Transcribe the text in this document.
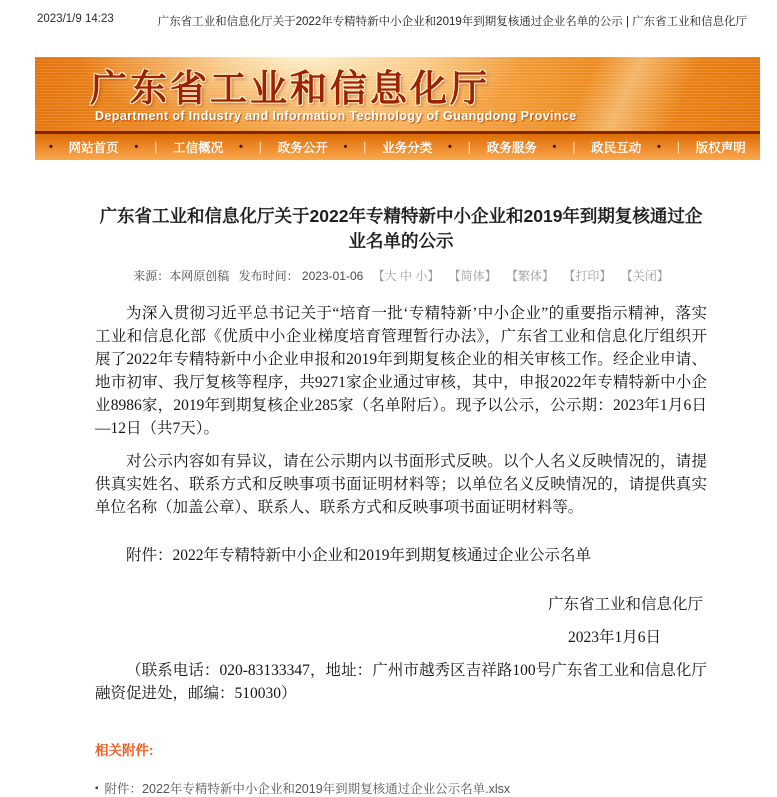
2023/1/9 14:23	广东省工业和信息化厅关于2022年专精特新中小企业和2019年到期复核通过企业名单的公示 | 广东省工业和信息化厅
广东省工业和信息化厅
Department of Industry and Information Technology of Guangdong Province
• 网站首页 • | 工信概况 • | 政务公开 • | 业务分类 • | 政务服务 • | 政民互动 • | 版权声明
广东省工业和信息化厅关于2022年专精特新中小企业和2019年到期复核通过企业名单的公示
来源：本网原创稿 发布时间： 2023-01-06 【大 中 小】 【简体】 【繁体】 【打印】 【关闭】

为深入贯彻习近平总书记关于“培育一批‘专精特新’中小企业”的重要指示精神，落实工业和信息化部《优质中小企业梯度培育管理暂行办法》，广东省工业和信息化厅组织开展了2022年专精特新中小企业申报和2019年到期复核企业的相关审核工作。经企业申请、地市初审、我厅复核等程序，共9271家企业通过审核，其中，申报2022年专精特新中小企业8986家，2019年到期复核企业285家（名单附后）。现予以公示，公示期：2023年1月6日—12日（共7天）。

对公示内容如有异议，请在公示期内以书面形式反映。以个人名义反映情况的，请提供真实姓名、联系方式和反映事项书面证明材料等；以单位名义反映情况的，请提供真实单位名称（加盖公章）、联系人、联系方式和反映事项书面证明材料等。

附件：2022年专精特新中小企业和2019年到期复核通过企业公示名单

广东省工业和信息化厅

2023年1月6日

（联系电话：020-83133347，地址：广州市越秀区吉祥路100号广东省工业和信息化厅融资促进处，邮编：510030）

相关附件:
▪ 附件：2022年专精特新中小企业和2019年到期复核通过企业公示名单.xlsx
